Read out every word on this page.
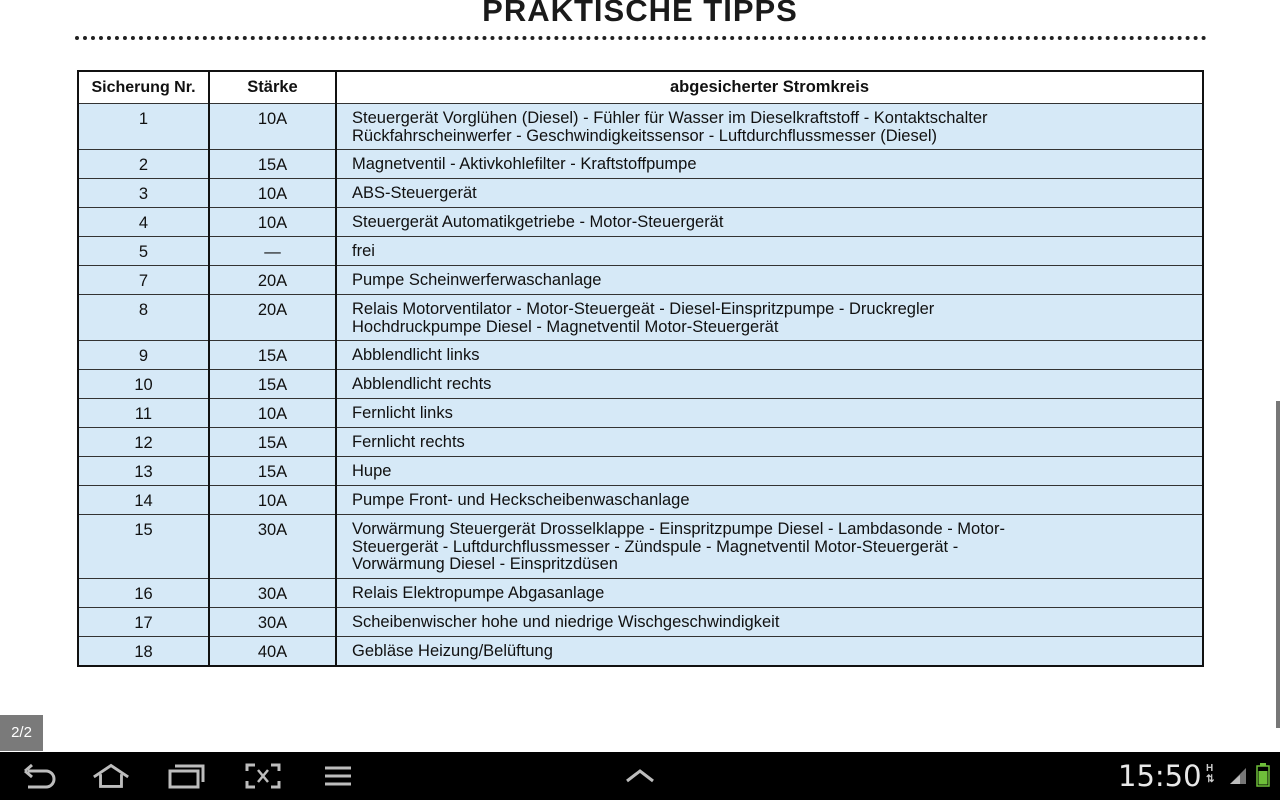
PRAKTISCHE TIPPS
Sicherung Nr.	Stärke	abgesicherter Stromkreis
1	10A	Steuergerät Vorglühen (Diesel) - Fühler für Wasser im Dieselkraftstoff - Kontaktschalter
Rückfahrscheinwerfer - Geschwindigkeitssensor - Luftdurchflussmesser (Diesel)

2	15A	Magnetventil - Aktivkohlefilter - Kraftstoffpumpe

3	10A	ABS-Steuergerät

4	10A	Steuergerät Automatikgetriebe - Motor-Steuergerät

5	—	frei

7	20A	Pumpe Scheinwerferwaschanlage

8	20A	Relais Motorventilator - Motor-Steuergeät - Diesel-Einspritzpumpe - Druckregler
Hochdruckpumpe Diesel - Magnetventil Motor-Steuergerät

9	15A	Abblendlicht links

10	15A	Abblendlicht rechts

11	10A	Fernlicht links

12	15A	Fernlicht rechts

13	15A	Hupe

14	10A	Pumpe Front- und Heckscheibenwaschanlage

15	30A	Vorwärmung Steuergerät Drosselklappe - Einspritzpumpe Diesel - Lambdasonde - Motor-
Steuergerät - Luftdurchflussmesser - Zündspule - Magnetventil Motor-Steuergerät -
Vorwärmung Diesel - Einspritzdüsen

16	30A	Relais Elektropumpe Abgasanlage

17	30A	Scheibenwischer hohe und niedrige Wischgeschwindigkeit

18	40A	Gebläse Heizung/Belüftung
2/2
15:50 H
⇅
